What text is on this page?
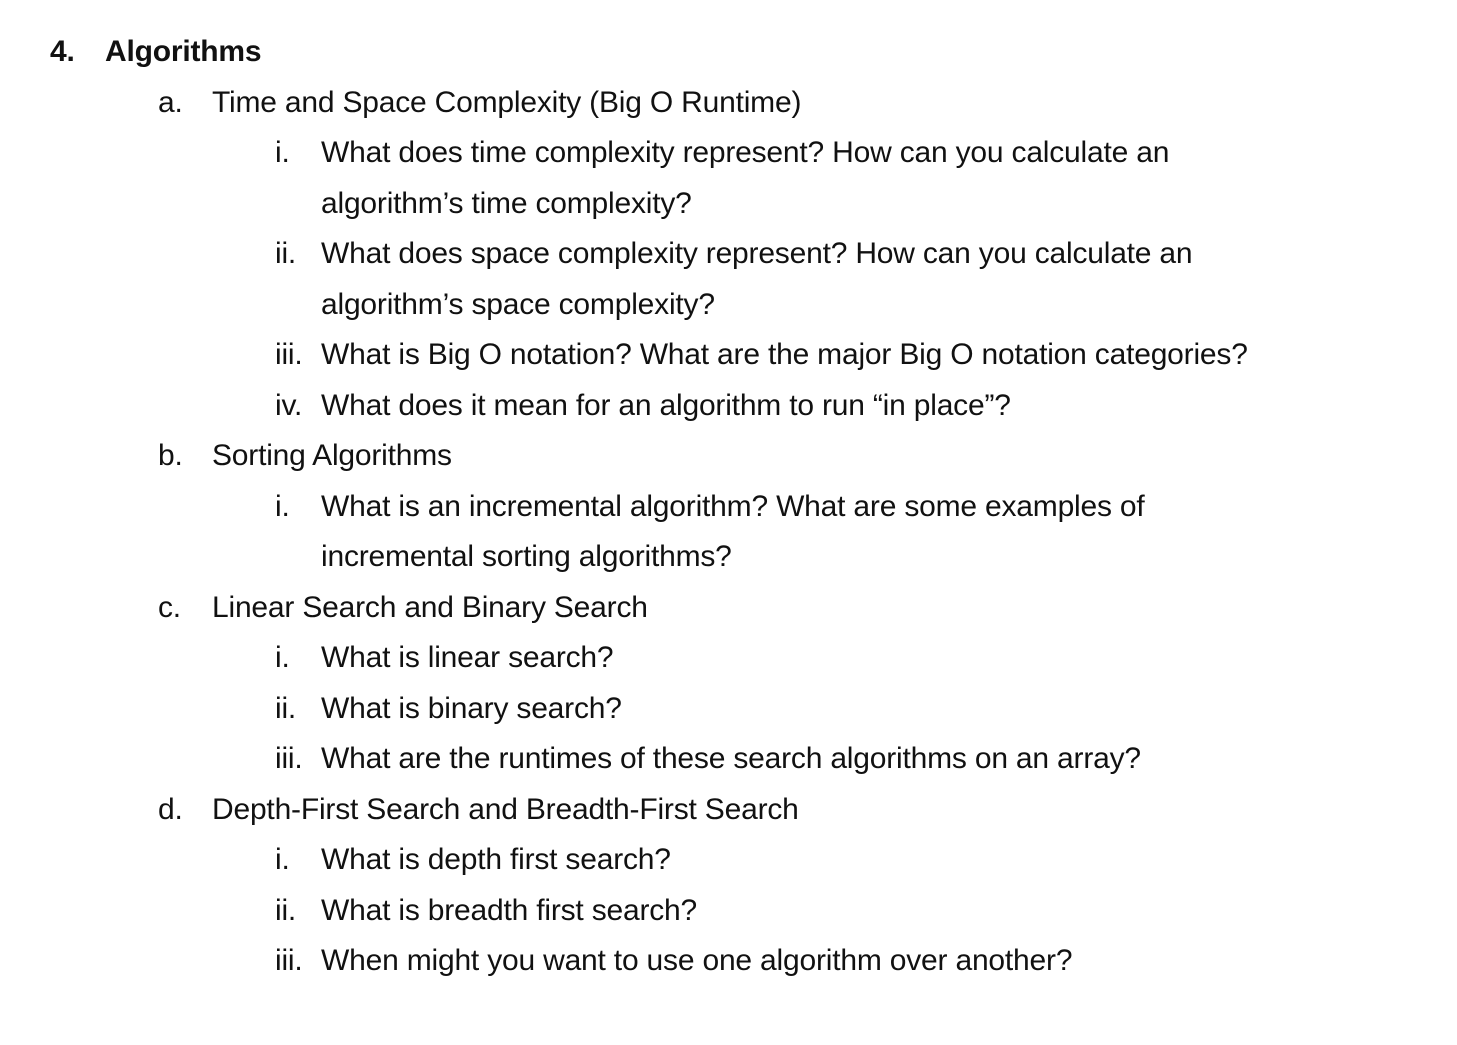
4. Algorithms
a. Time and Space Complexity (Big O Runtime)
i. What does time complexity represent? How can you calculate an
algorithm’s time complexity?
ii. What does space complexity represent? How can you calculate an
algorithm’s space complexity?
iii. What is Big O notation? What are the major Big O notation categories?
iv. What does it mean for an algorithm to run “in place”?
b. Sorting Algorithms
i. What is an incremental algorithm? What are some examples of
incremental sorting algorithms?
c. Linear Search and Binary Search
i. What is linear search?
ii. What is binary search?
iii. What are the runtimes of these search algorithms on an array?
d. Depth-First Search and Breadth-First Search
i. What is depth first search?
ii. What is breadth first search?
iii. When might you want to use one algorithm over another?
